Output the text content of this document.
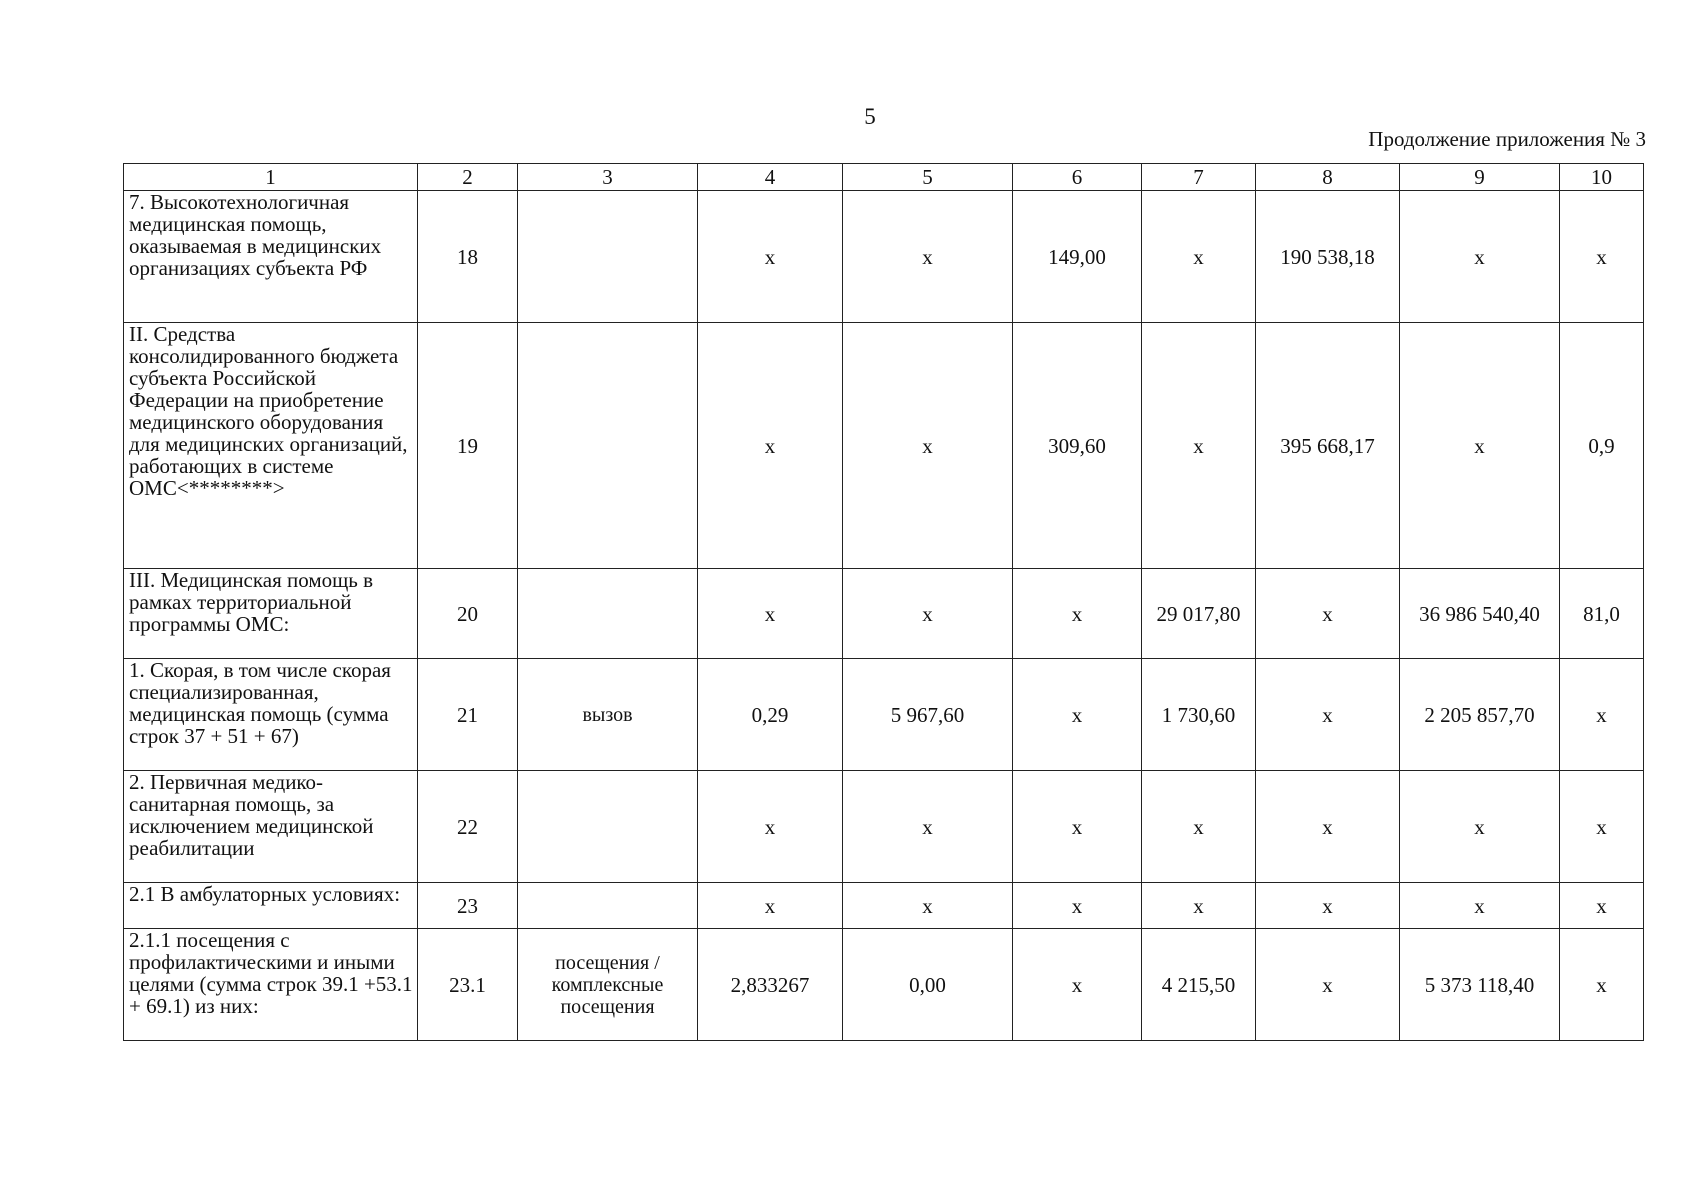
5
Продолжение приложения № 3
1	2	3	4	5	6	7	8	9	10
7. Высокотехнологичная медицинская помощь, оказываемая в медицинских организациях субъекта РФ	18		х	х	149,00	х	190 538,18	х	х
II. Средства консолидированного бюджета субъекта Российской Федерации на приобретение медицинского оборудования для медицинских организаций, работающих в системе ОМС<********>	19		х	х	309,60	х	395 668,17	х	0,9
III. Медицинская помощь в рамках территориальной программы ОМС:	20		х	х	х	29 017,80	х	36 986 540,40	81,0
1. Скорая, в том числе скорая специализированная, медицинская помощь (сумма строк 37 + 51 + 67)	21	вызов	0,29	5 967,60	х	1 730,60	х	2 205 857,70	х
2. Первичная медико-санитарная помощь, за исключением медицинской реабилитации	22		х	х	х	х	х	х	х
2.1 В амбулаторных условиях:	23		х	х	х	х	х	х	х
2.1.1 посещения с профилактическими и иными целями (сумма строк 39.1 +53.1 + 69.1) из них:	23.1	посещения / комплексные посещения	2,833267	0,00	х	4 215,50	х	5 373 118,40	х
